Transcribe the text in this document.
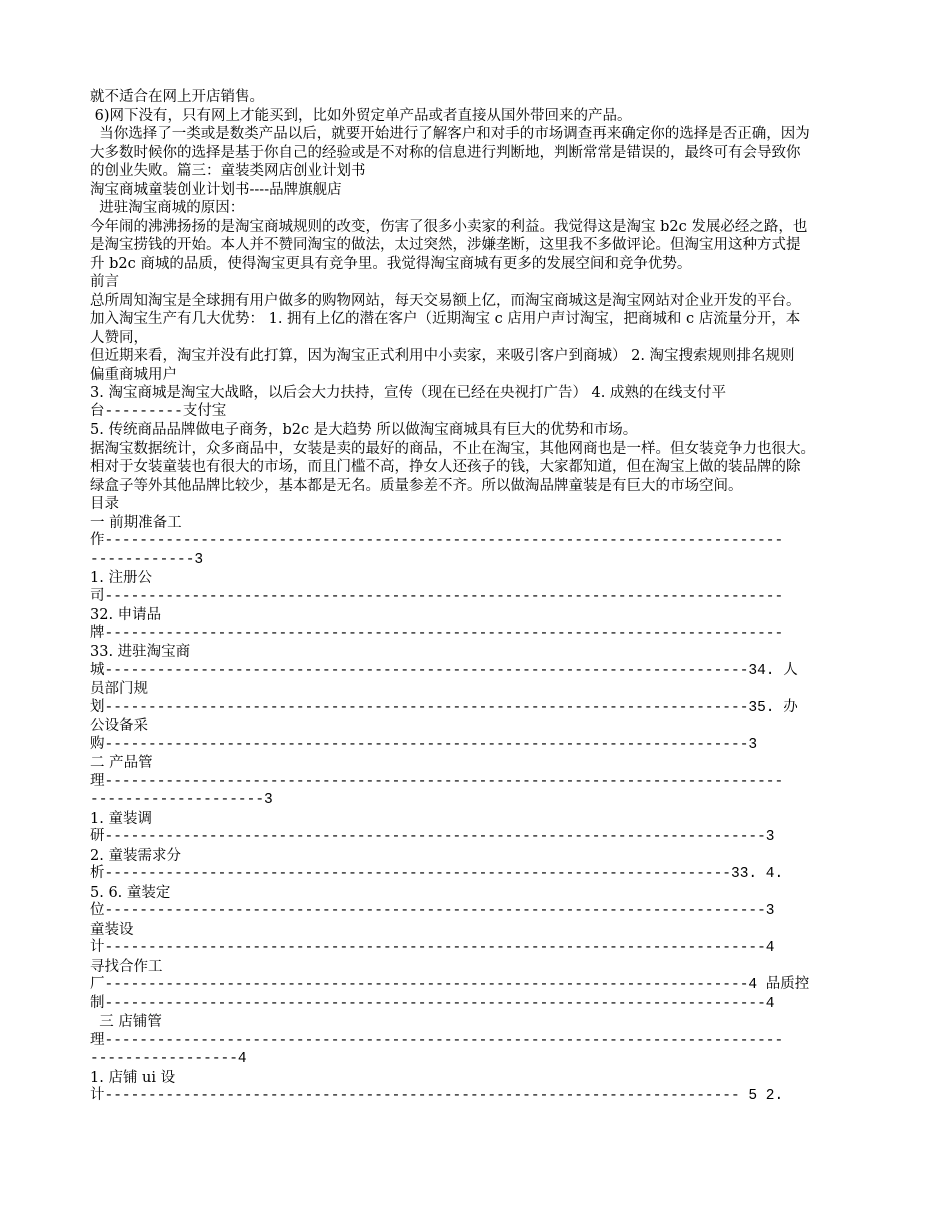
就不适合在网上开店销售。
6)网下没有，只有网上才能买到，比如外贸定单产品或者直接从国外带回来的产品。
当你选择了一类或是数类产品以后，就要开始进行了解客户和对手的市场调查再来确定你的选择是否正确，因为
大多数时候你的选择是基于你自己的经验或是不对称的信息进行判断地，判断常常是错误的，最终可有会导致你
的创业失败。篇三：童装类网店创业计划书
淘宝商城童装创业计划书----品牌旗舰店
进驻淘宝商城的原因：
今年闹的沸沸扬扬的是淘宝商城规则的改变，伤害了很多小卖家的利益。我觉得这是淘宝 b2c 发展必经之路，也
是淘宝捞钱的开始。本人并不赞同淘宝的做法，太过突然，涉嫌垄断，这里我不多做评论。但淘宝用这种方式提
升 b2c 商城的品质，使得淘宝更具有竞争里。我觉得淘宝商城有更多的发展空间和竞争优势。
前言
总所周知淘宝是全球拥有用户做多的购物网站，每天交易额上亿，而淘宝商城这是淘宝网站对企业开发的平台。
加入淘宝生产有几大优势： 1. 拥有上亿的潜在客户（近期淘宝 c 店用户声讨淘宝，把商城和 c 店流量分开，本
人赞同，
但近期来看，淘宝并没有此打算，因为淘宝正式利用中小卖家，来吸引客户到商城） 2. 淘宝搜索规则排名规则
偏重商城用户
3. 淘宝商城是淘宝大战略，以后会大力扶持，宣传（现在已经在央视打广告） 4. 成熟的在线支付平
台---------支付宝
5. 传统商品品牌做电子商务，b2c 是大趋势 所以做淘宝商城具有巨大的优势和市场。
据淘宝数据统计，众多商品中，女装是卖的最好的商品，不止在淘宝，其他网商也是一样。但女装竞争力也很大。
相对于女装童装也有很大的市场，而且门槛不高，挣女人还孩子的钱，大家都知道，但在淘宝上做的装品牌的除
绿盒子等外其他品牌比较少，基本都是无名。质量参差不齐。所以做淘品牌童装是有巨大的市场空间。
目录
一 前期准备工
作------------------------------------------------------------------------------
------------3
1. 注册公
司------------------------------------------------------------------------------
32. 申请品
牌------------------------------------------------------------------------------
33. 进驻淘宝商
城--------------------------------------------------------------------------34. 人
员部门规
划--------------------------------------------------------------------------35. 办
公设备采
购--------------------------------------------------------------------------3
二 产品管
理------------------------------------------------------------------------------
--------------------3
1. 童装调
研----------------------------------------------------------------------------3
2. 童装需求分
析------------------------------------------------------------------------33. 4.
5. 6. 童装定
位----------------------------------------------------------------------------3
童装设
计----------------------------------------------------------------------------4
寻找合作工
厂--------------------------------------------------------------------------4 品质控
制----------------------------------------------------------------------------4
三 店铺管
理------------------------------------------------------------------------------
-----------------4
1. 店铺 ui 设
计------------------------------------------------------------------------- 5 2.
